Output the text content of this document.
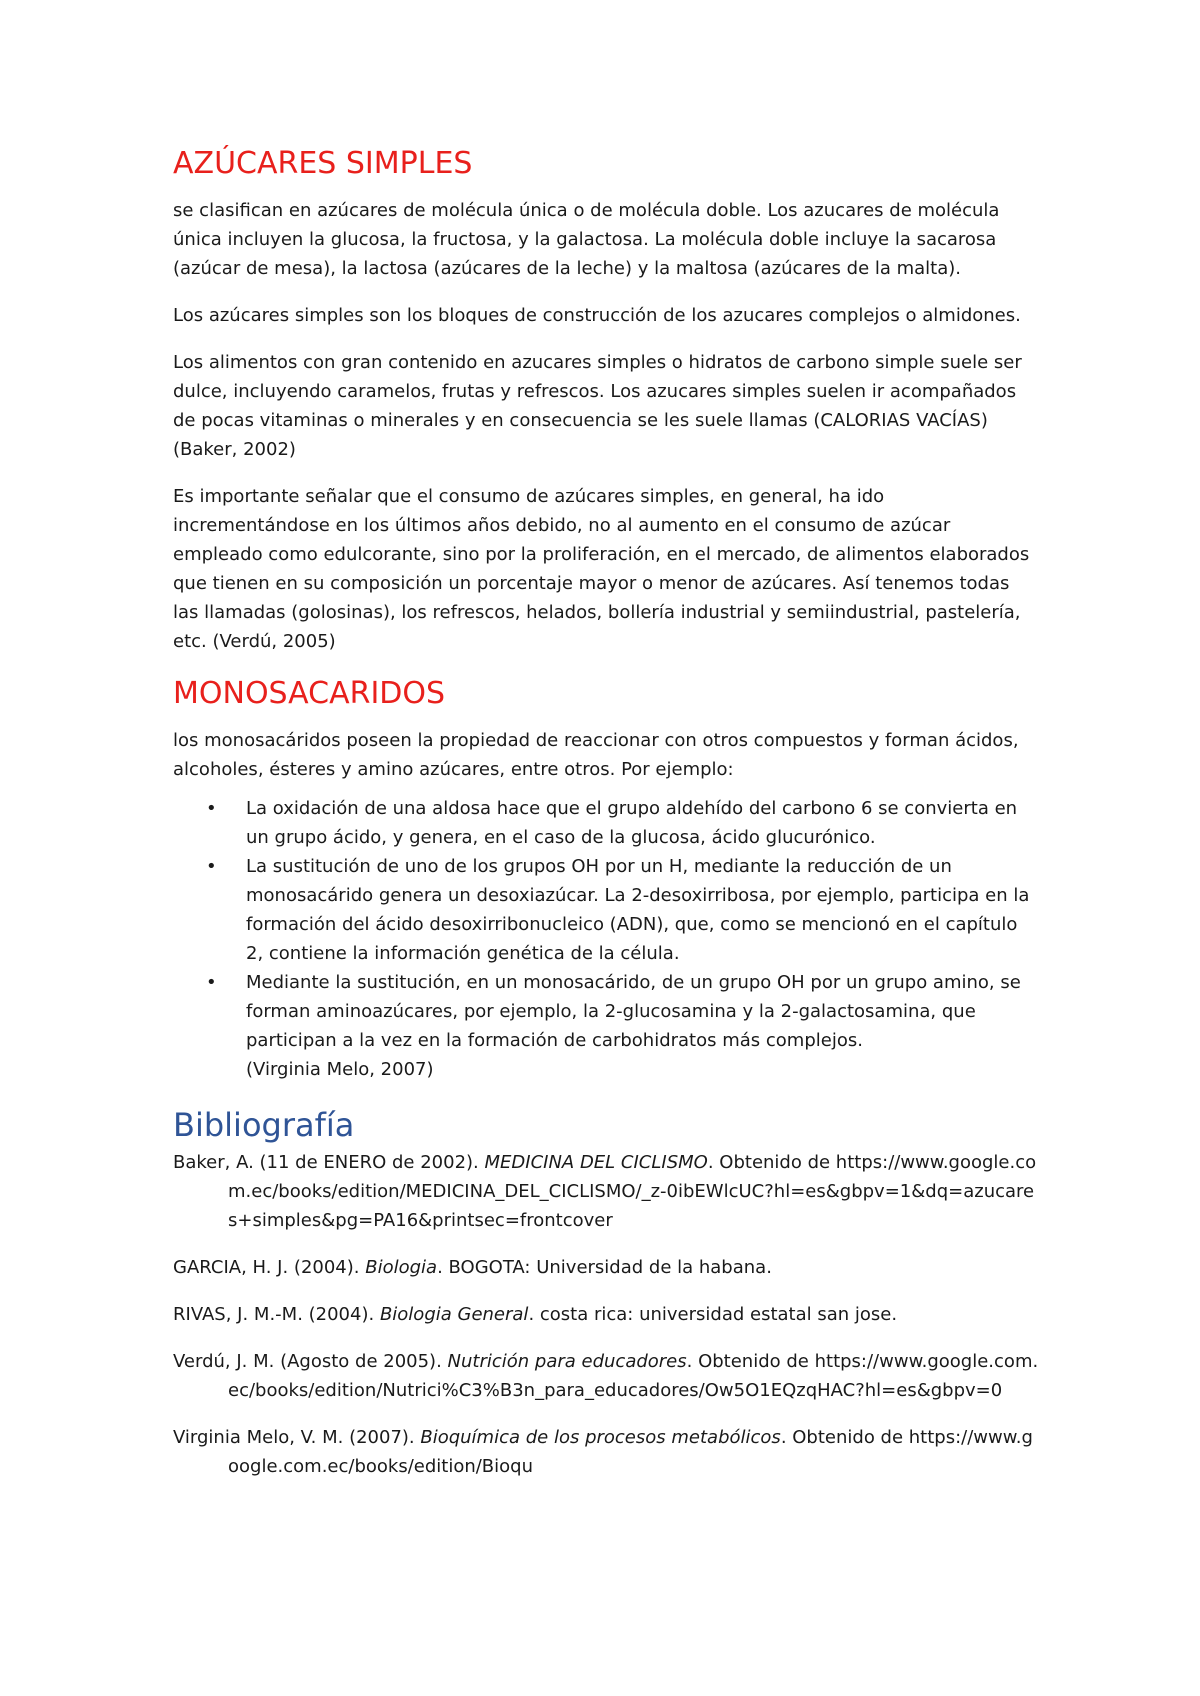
AZÚCARES SIMPLES

se clasifican en azúcares de molécula única o de molécula doble. Los azucares de molécula única incluyen la glucosa, la fructosa, y la galactosa. La molécula doble incluye la sacarosa (azúcar de mesa), la lactosa (azúcares de la leche) y la maltosa (azúcares de la malta).

Los azúcares simples son los bloques de construcción de los azucares complejos o almidones.

Los alimentos con gran contenido en azucares simples o hidratos de carbono simple suele ser dulce, incluyendo caramelos, frutas y refrescos. Los azucares simples suelen ir acompañados de pocas vitaminas o minerales y en consecuencia se les suele llamas (CALORIAS VACÍAS) (Baker, 2002)

Es importante señalar que el consumo de azúcares simples, en general, ha ido incrementándose en los últimos años debido, no al aumento en el consumo de azúcar empleado como edulcorante, sino por la proliferación, en el mercado, de alimentos elaborados que tienen en su composición un porcentaje mayor o menor de azúcares. Así tenemos todas las llamadas (golosinas), los refrescos, helados, bollería industrial y semiindustrial, pastelería, etc. (Verdú, 2005)

MONOSACARIDOS

los monosacáridos poseen la propiedad de reaccionar con otros compuestos y forman ácidos, alcoholes, ésteres y amino azúcares, entre otros. Por ejemplo:

• La oxidación de una aldosa hace que el grupo aldehído del carbono 6 se convierta en un grupo ácido, y genera, en el caso de la glucosa, ácido glucurónico.
• La sustitución de uno de los grupos OH por un H, mediante la reducción de un monosacárido genera un desoxiazúcar. La 2-desoxirribosa, por ejemplo, participa en la formación del ácido desoxirribonucleico (ADN), que, como se mencionó en el capítulo 2, contiene la información genética de la célula.
• Mediante la sustitución, en un monosacárido, de un grupo OH por un grupo amino, se forman aminoazúcares, por ejemplo, la 2-glucosamina y la 2-galactosamina, que participan a la vez en la formación de carbohidratos más complejos.
(Virginia Melo, 2007)
Bibliografía

Baker, A. (11 de ENERO de 2002). MEDICINA DEL CICLISMO. Obtenido de https://www.google.com.ec/books/edition/MEDICINA_DEL_CICLISMO/_z-0ibEWlcUC?hl=es&gbpv=1&dq=azucares+simples&pg=PA16&printsec=frontcover

GARCIA, H. J. (2004). Biologia. BOGOTA: Universidad de la habana.

RIVAS, J. M.-M. (2004). Biologia General. costa rica: universidad estatal san jose.

Verdú, J. M. (Agosto de 2005). Nutrición para educadores. Obtenido de https://www.google.com.ec/books/edition/Nutrici%C3%B3n_para_educadores/Ow5O1EQzqHAC?hl=es&gbpv=0

Virginia Melo, V. M. (2007). Bioquímica de los procesos metabólicos. Obtenido de https://www.google.com.ec/books/edition/Bioqu
